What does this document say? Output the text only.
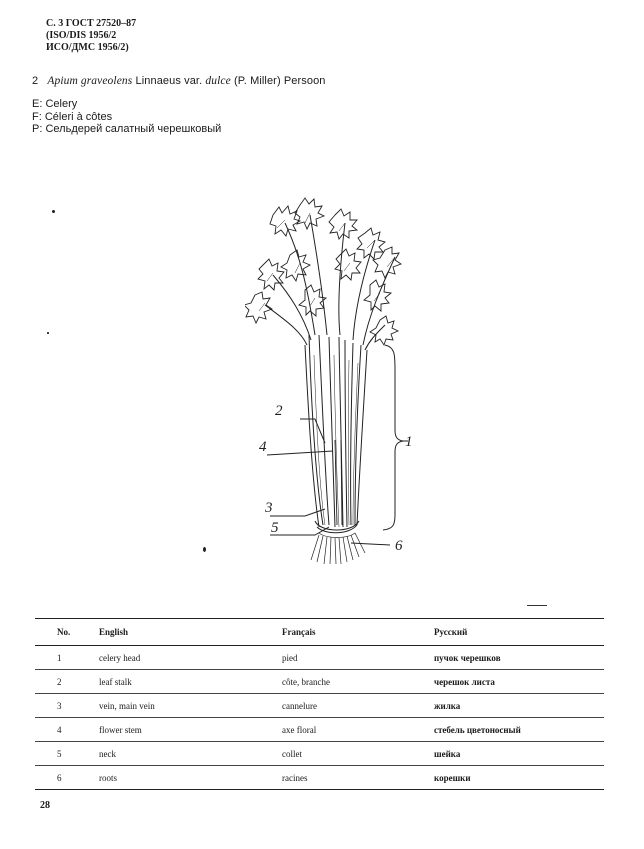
С. 3 ГОСТ 27520–87
(ISO/DIS 1956/2
ИСО/ДМС 1956/2)
2 Apium graveolens Linnaeus var. dulce (P. Miller) Persoon
E: Celery
F: Céleri à côtes
P: Сельдерей салатный черешковый
1
2
3
4
5
6
No.	English	Français	Русский
1	celery head	pied	пучок черешков
2	leaf stalk	côte, branche	черешок листа
3	vein, main vein	cannelure	жилка
4	flower stem	axe floral	стебель цветоносный
5	neck	collet	шейка
6	roots	racines	корешки
28
